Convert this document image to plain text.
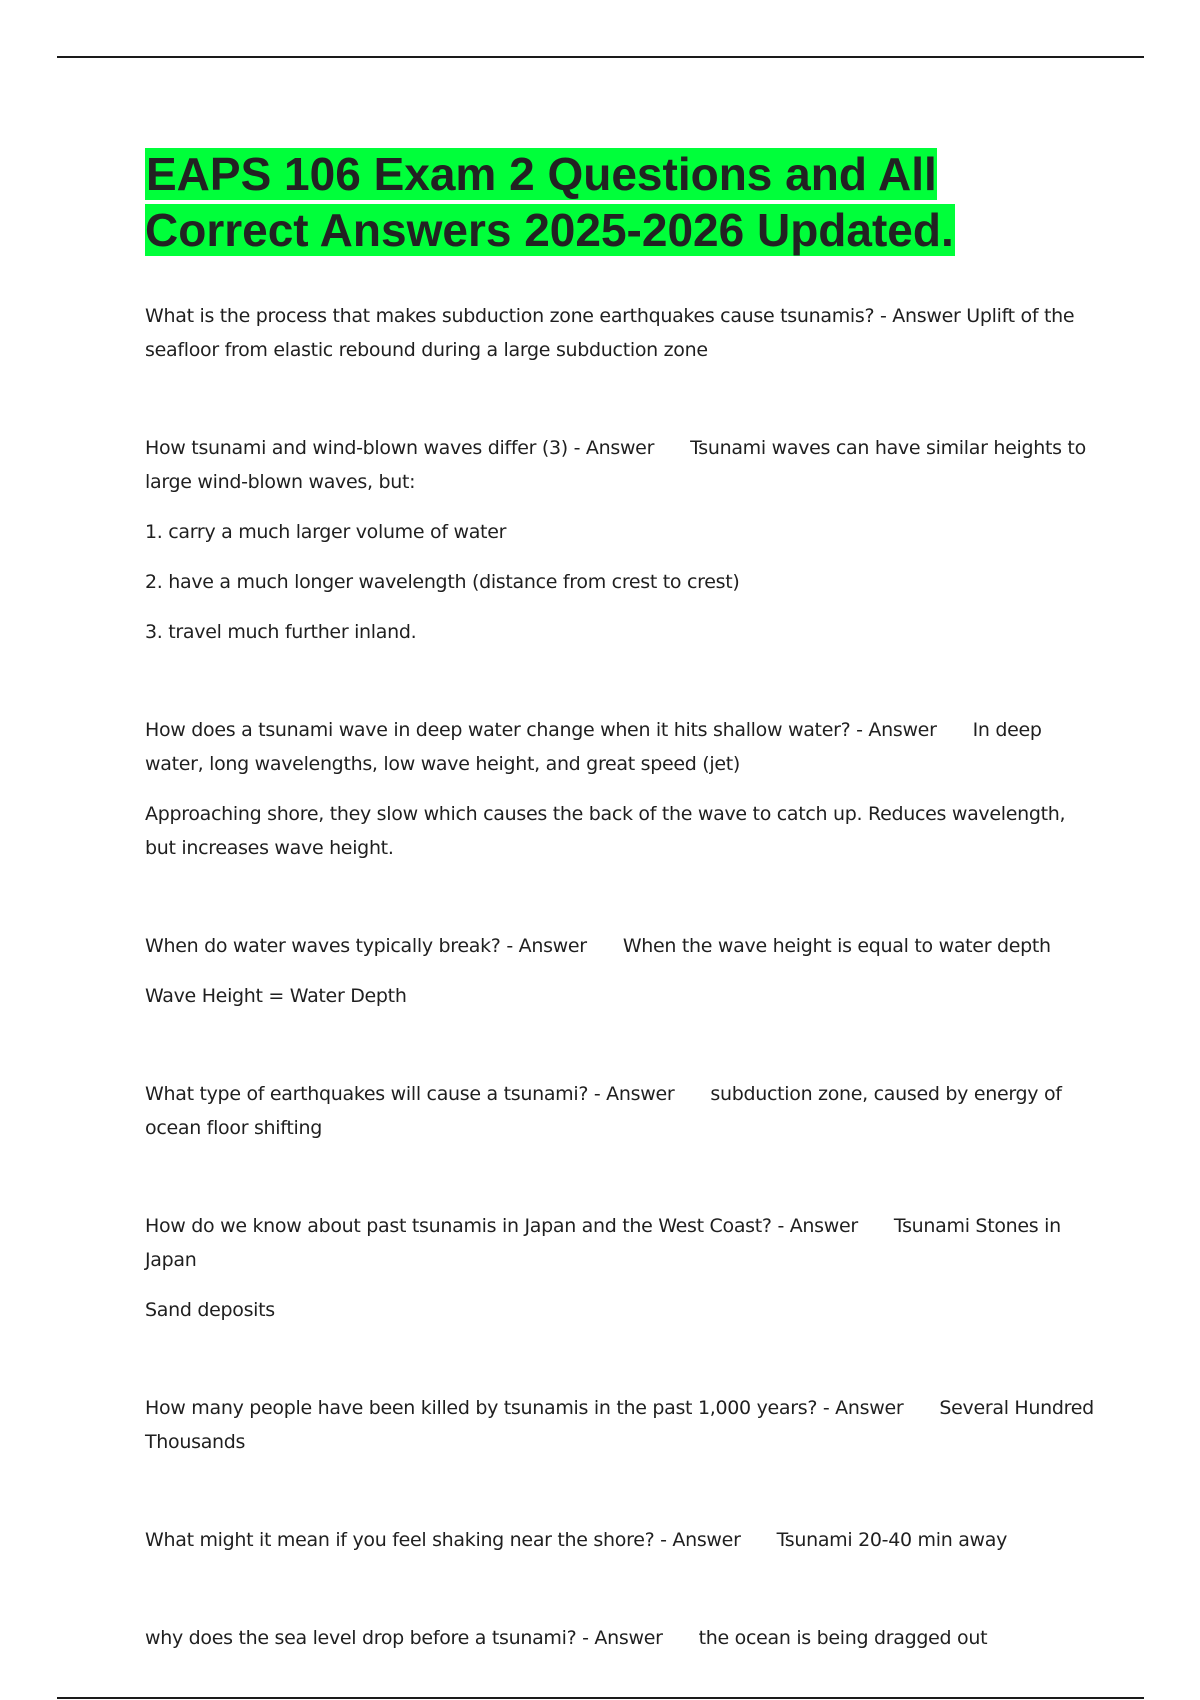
EAPS 106 Exam 2 Questions and All Correct Answers 2025-2026 Updated.

What is the process that makes subduction zone earthquakes cause tsunamis? - Answer Uplift of the seafloor from elastic rebound during a large subduction zone

How tsunami and wind-blown waves differ (3) - Answer Tsunami waves can have similar heights to large wind-blown waves, but:

1. carry a much larger volume of water

2. have a much longer wavelength (distance from crest to crest)

3. travel much further inland.

How does a tsunami wave in deep water change when it hits shallow water? - Answer In deep water, long wavelengths, low wave height, and great speed (jet)

Approaching shore, they slow which causes the back of the wave to catch up. Reduces wavelength, but increases wave height.

When do water waves typically break? - Answer When the wave height is equal to water depth

Wave Height = Water Depth

What type of earthquakes will cause a tsunami? - Answer subduction zone, caused by energy of ocean floor shifting

How do we know about past tsunamis in Japan and the West Coast? - Answer Tsunami Stones in Japan

Sand deposits

How many people have been killed by tsunamis in the past 1,000 years? - Answer Several Hundred Thousands

What might it mean if you feel shaking near the shore? - Answer Tsunami 20-40 min away

why does the sea level drop before a tsunami? - Answer the ocean is being dragged out
